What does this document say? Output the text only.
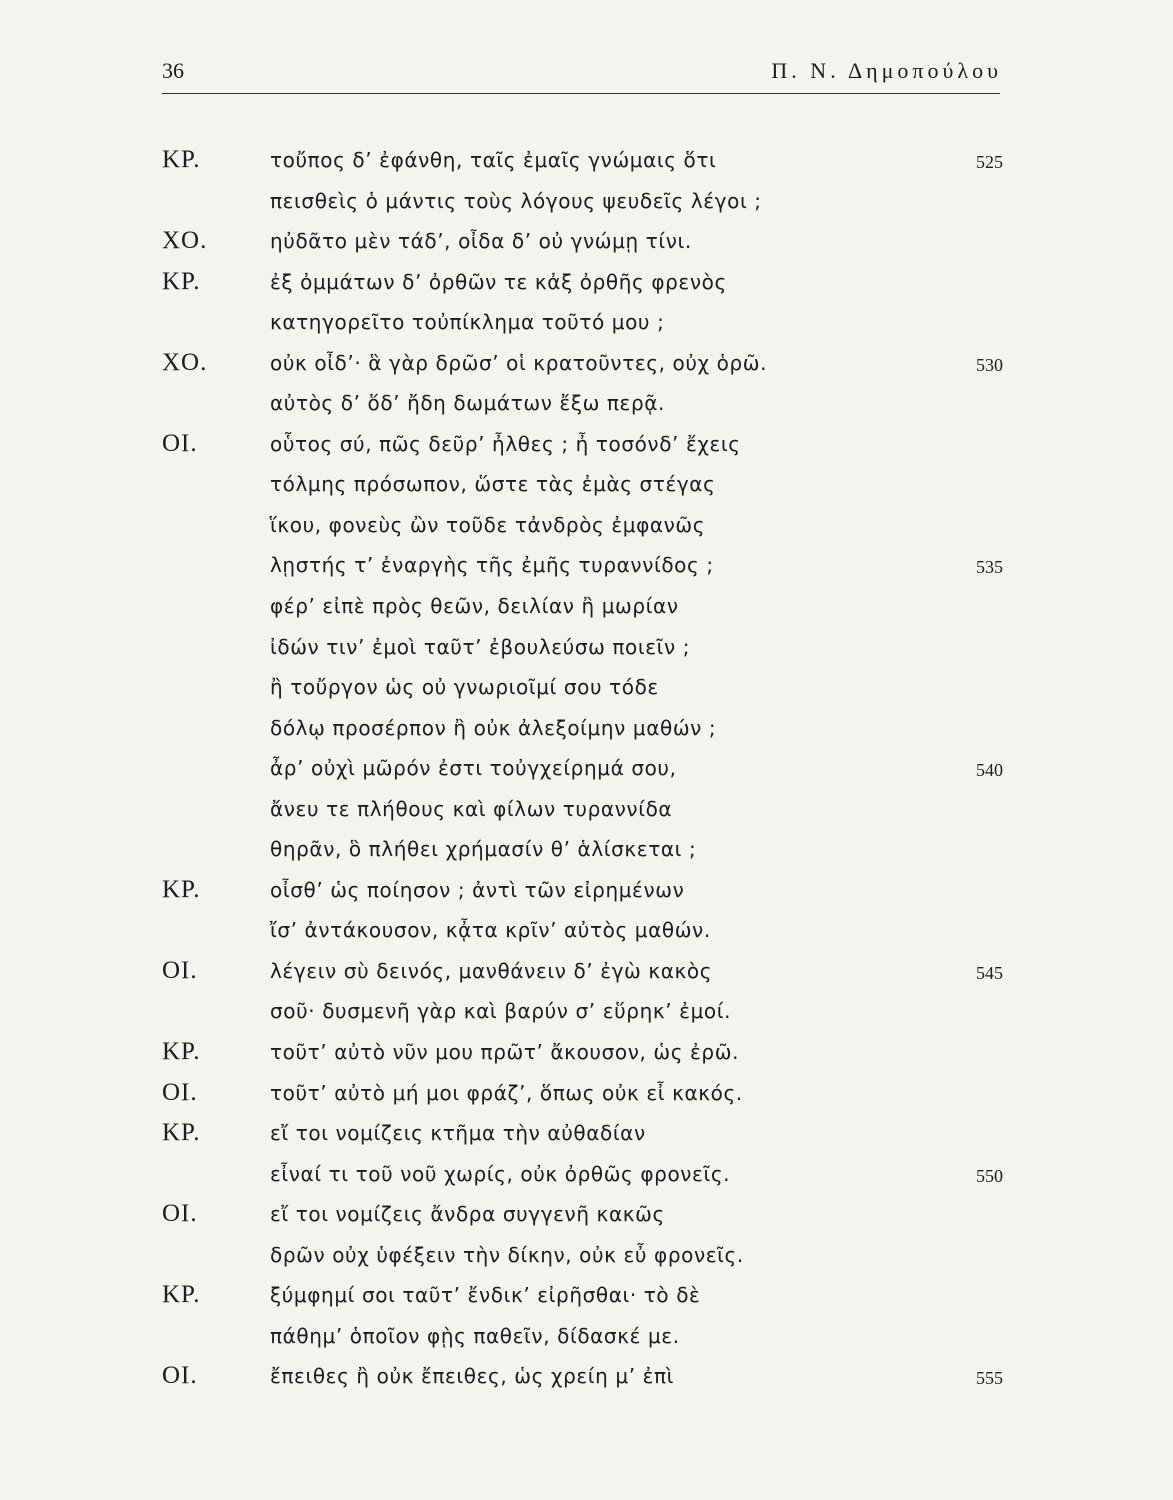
36	Π. Ν. Δημοπούλου
ΚΡ.	τοὔπος δ’ ἐφάνθη, ταῖς ἐμαῖς γνώμαις ὅτι	525
πεισθεὶς ὁ μάντις τοὺς λόγους ψευδεῖς λέγοι ;
ΧΟ.	ηὐδᾶτο μὲν τάδ’, οἶδα δ’ οὐ γνώμῃ τίνι.
ΚΡ.	ἐξ ὀμμάτων δ’ ὀρθῶν τε κἀξ ὀρθῆς φρενὸς
κατηγορεῖτο τοὐπίκλημα τοῦτό μου ;
ΧΟ.	οὐκ οἶδ’· ἃ γὰρ δρῶσ’ οἱ κρατοῦντες, οὐχ ὁρῶ.	530
αὐτὸς δ’ ὅδ’ ἤδη δωμάτων ἔξω περᾷ.
ΟΙ.	οὗτος σύ, πῶς δεῦρ’ ἦλθες ; ἦ τοσόνδ’ ἔχεις
τόλμης πρόσωπον, ὥστε τὰς ἐμὰς στέγας
ἵκου, φονεὺς ὢν τοῦδε τἀνδρὸς ἐμφανῶς
λῃστής τ’ ἐναργὴς τῆς ἐμῆς τυραννίδος ;	535
φέρ’ εἰπὲ πρὸς θεῶν, δειλίαν ἢ μωρίαν
ἰδών τιν’ ἐμοὶ ταῦτ’ ἐβουλεύσω ποιεῖν ;
ἢ τοὔργον ὡς οὐ γνωριοῖμί σου τόδε
δόλῳ προσέρπον ἢ οὐκ ἀλεξοίμην μαθών ;
ἆρ’ οὐχὶ μῶρόν ἐστι τοὐγχείρημά σου,	540
ἄνευ τε πλήθους καὶ φίλων τυραννίδα
θηρᾶν, ὃ πλήθει χρήμασίν θ’ ἁλίσκεται ;
ΚΡ.	οἶσθ’ ὡς ποίησον ; ἀντὶ τῶν εἰρημένων
ἴσ’ ἀντάκουσον, κᾆτα κρῖν’ αὐτὸς μαθών.
ΟΙ.	λέγειν σὺ δεινός, μανθάνειν δ’ ἐγὼ κακὸς	545
σοῦ· δυσμενῆ γὰρ καὶ βαρύν σ’ εὕρηκ’ ἐμοί.
ΚΡ.	τοῦτ’ αὐτὸ νῦν μου πρῶτ’ ἄκουσον, ὡς ἐρῶ.
ΟΙ.	τοῦτ’ αὐτὸ μή μοι φράζ’, ὅπως οὐκ εἶ κακός.
ΚΡ.	εἴ τοι νομίζεις κτῆμα τὴν αὐθαδίαν
εἶναί τι τοῦ νοῦ χωρίς, οὐκ ὀρθῶς φρονεῖς.	550
ΟΙ.	εἴ τοι νομίζεις ἄνδρα συγγενῆ κακῶς
δρῶν οὐχ ὑφέξειν τὴν δίκην, οὐκ εὖ φρονεῖς.
ΚΡ.	ξύμφημί σοι ταῦτ’ ἔνδικ’ εἰρῆσθαι· τὸ δὲ
πάθημ’ ὁποῖον φῂς παθεῖν, δίδασκέ με.
ΟΙ.	ἔπειθες ἢ οὐκ ἔπειθες, ὡς χρείη μ’ ἐπὶ	555
